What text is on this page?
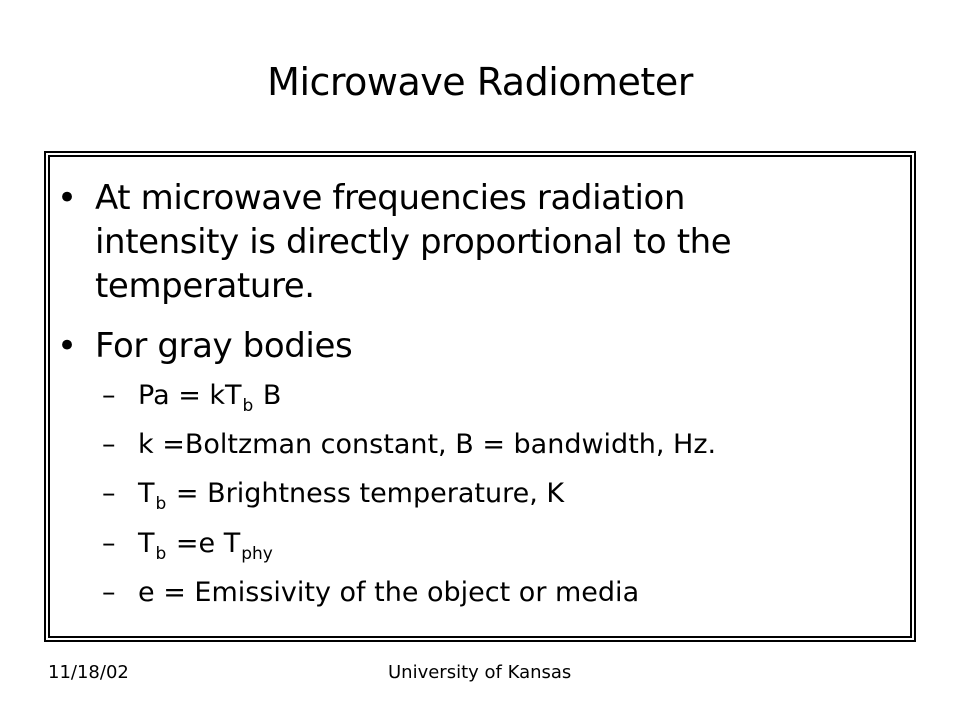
Microwave Radiometer
• At microwave frequencies radiation
intensity is directly proportional to the
temperature.
• For gray bodies
– $Pa = kT_b$ B
– k =Boltzman constant, B = bandwidth, Hz.
– $T_b$ = Brightness temperature, K
– $T_b =e$ $T_{phy}$
– e = Emissivity of the object or media
11/18/02	University of Kansas
